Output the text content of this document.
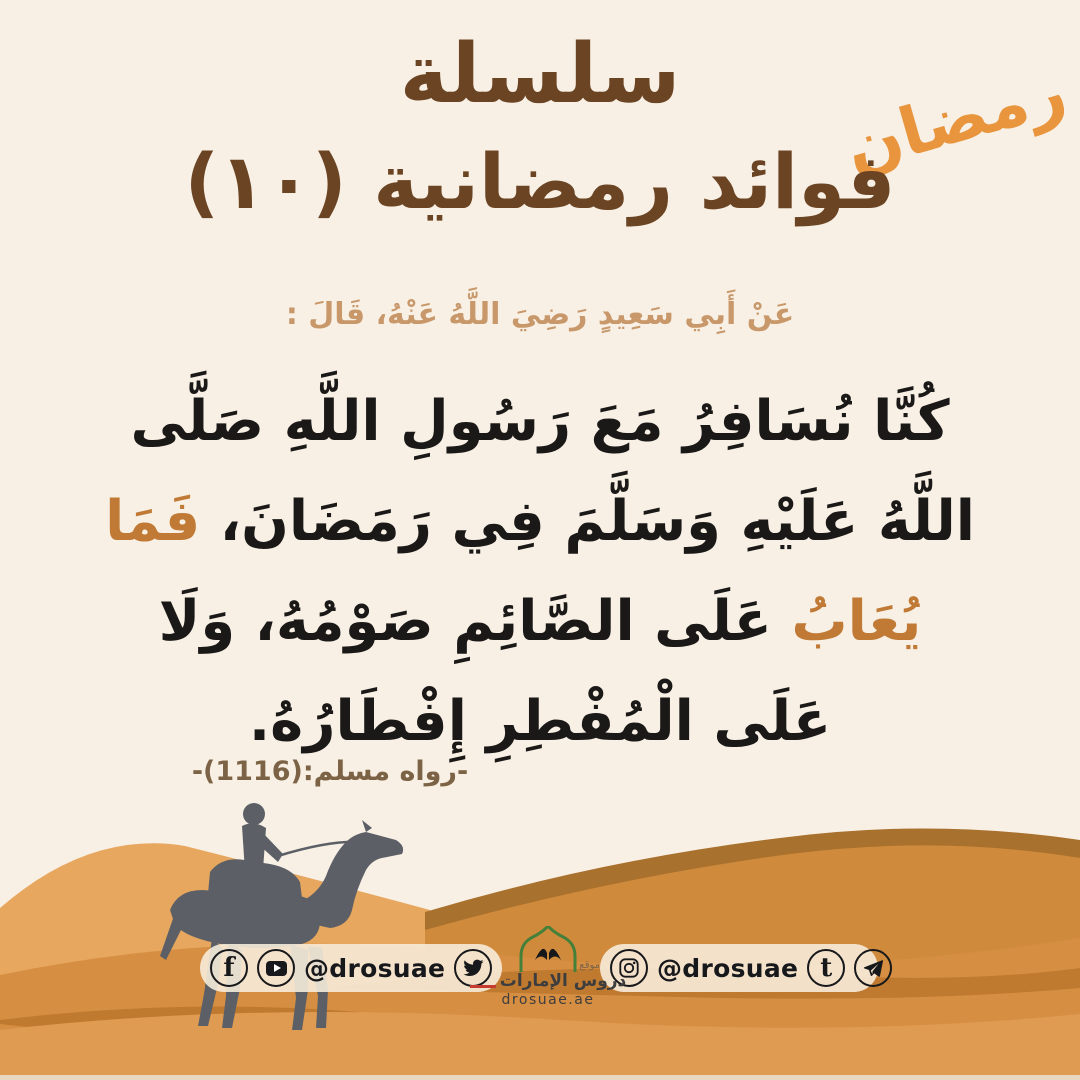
رمضان
سلسلة
فوائد رمضانية (١٠)
عَنْ أَبِي سَعِيدٍ رَضِيَ اللَّهُ عَنْهُ، قَالَ :
كُنَّا نُسَافِرُ مَعَ رَسُولِ اللَّهِ صَلَّى
اللَّهُ عَلَيْهِ وَسَلَّمَ فِي رَمَضَانَ، فَمَا
يُعَابُ عَلَى الصَّائِمِ صَوْمُهُ، وَلَا
عَلَى الْمُفْطِرِ إِفْطَارُهُ.
-رواه مسلم:(1116)-
f	@drosuae	@drosuae t
موقع
دروس الإمارات
drosuae.ae
